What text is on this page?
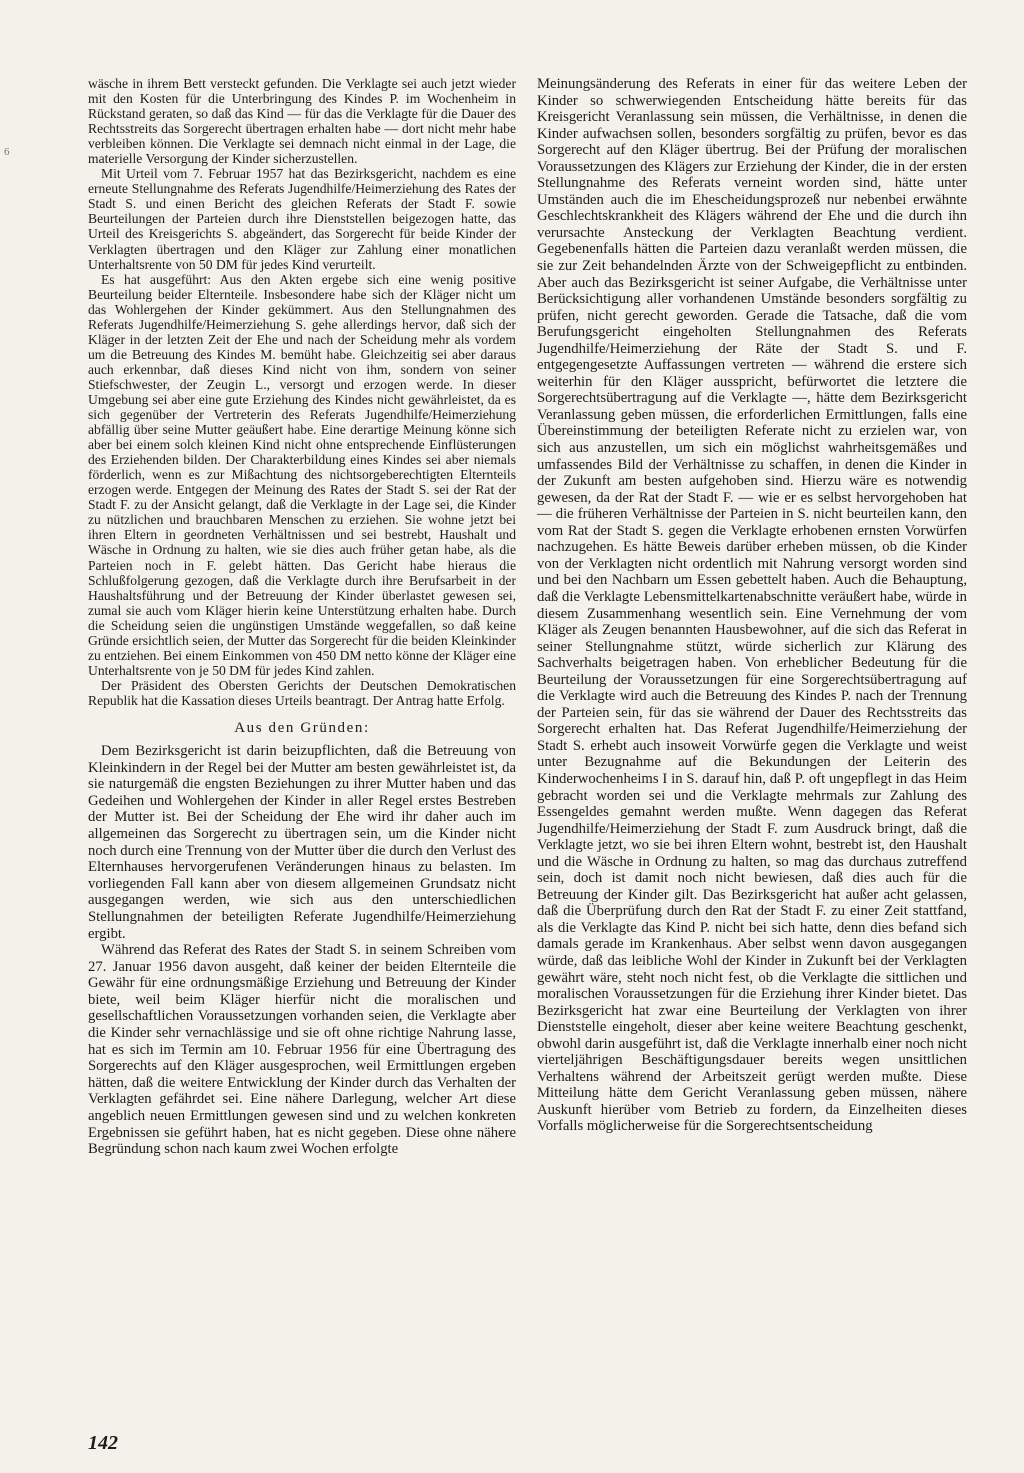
6

wäsche in ihrem Bett versteckt gefunden. Die Verklagte sei auch jetzt wieder mit den Kosten für die Unterbringung des Kindes P. im Wochenheim in Rückstand geraten, so daß das Kind — für das die Verklagte für die Dauer des Rechtsstreits das Sorgerecht übertragen erhalten habe — dort nicht mehr habe verbleiben können. Die Verklagte sei demnach nicht einmal in der Lage, die materielle Versorgung der Kinder sicherzustellen.

Mit Urteil vom 7. Februar 1957 hat das Bezirksgericht, nachdem es eine erneute Stellungnahme des Referats Jugendhilfe/Heimerziehung des Rates der Stadt S. und einen Bericht des gleichen Referats der Stadt F. sowie Beurteilungen der Parteien durch ihre Dienststellen beigezogen hatte, das Urteil des Kreisgerichts S. abgeändert, das Sorgerecht für beide Kinder der Verklagten übertragen und den Kläger zur Zahlung einer monatlichen Unterhaltsrente von 50 DM für jedes Kind verurteilt.

Es hat ausgeführt: Aus den Akten ergebe sich eine wenig positive Beurteilung beider Elternteile. Insbesondere habe sich der Kläger nicht um das Wohlergehen der Kinder gekümmert. Aus den Stellungnahmen des Referats Jugendhilfe/Heimerziehung S. gehe allerdings hervor, daß sich der Kläger in der letzten Zeit der Ehe und nach der Scheidung mehr als vordem um die Betreuung des Kindes M. bemüht habe. Gleichzeitig sei aber daraus auch erkennbar, daß dieses Kind nicht von ihm, sondern von seiner Stiefschwester, der Zeugin L., versorgt und erzogen werde. In dieser Umgebung sei aber eine gute Erziehung des Kindes nicht gewährleistet, da es sich gegenüber der Vertreterin des Referats Jugendhilfe/Heimerziehung abfällig über seine Mutter geäußert habe. Eine derartige Meinung könne sich aber bei einem solch kleinen Kind nicht ohne entsprechende Einflüsterungen des Erziehenden bilden. Der Charakterbildung eines Kindes sei aber niemals förderlich, wenn es zur Mißachtung des nichtsorgeberechtigten Elternteils erzogen werde. Entgegen der Meinung des Rates der Stadt S. sei der Rat der Stadt F. zu der Ansicht gelangt, daß die Verklagte in der Lage sei, die Kinder zu nützlichen und brauchbaren Menschen zu erziehen. Sie wohne jetzt bei ihren Eltern in geordneten Verhältnissen und sei bestrebt, Haushalt und Wäsche in Ordnung zu halten, wie sie dies auch früher getan habe, als die Parteien noch in F. gelebt hätten. Das Gericht habe hieraus die Schlußfolgerung gezogen, daß die Verklagte durch ihre Berufsarbeit in der Haushaltsführung und der Betreuung der Kinder überlastet gewesen sei, zumal sie auch vom Kläger hierin keine Unterstützung erhalten habe. Durch die Scheidung seien die ungünstigen Umstände weggefallen, so daß keine Gründe ersichtlich seien, der Mutter das Sorgerecht für die beiden Kleinkinder zu entziehen. Bei einem Einkommen von 450 DM netto könne der Kläger eine Unterhaltsrente von je 50 DM für jedes Kind zahlen.

Der Präsident des Obersten Gerichts der Deutschen Demokratischen Republik hat die Kassation dieses Urteils beantragt. Der Antrag hatte Erfolg.

Aus den Gründen:

Dem Bezirksgericht ist darin beizupflichten, daß die Betreuung von Kleinkindern in der Regel bei der Mutter am besten gewährleistet ist, da sie naturgemäß die engsten Beziehungen zu ihrer Mutter haben und das Gedeihen und Wohlergehen der Kinder in aller Regel erstes Bestreben der Mutter ist. Bei der Scheidung der Ehe wird ihr daher auch im allgemeinen das Sorgerecht zu übertragen sein, um die Kinder nicht noch durch eine Trennung von der Mutter über die durch den Verlust des Elternhauses hervorgerufenen Veränderungen hinaus zu belasten. Im vorliegenden Fall kann aber von diesem allgemeinen Grundsatz nicht ausgegangen werden, wie sich aus den unterschiedlichen Stellungnahmen der beteiligten Referate Jugendhilfe/Heimerziehung ergibt.

Während das Referat des Rates der Stadt S. in seinem Schreiben vom 27. Januar 1956 davon ausgeht, daß keiner der beiden Elternteile die Gewähr für eine ordnungsmäßige Erziehung und Betreuung der Kinder biete, weil beim Kläger hierfür nicht die moralischen und gesellschaftlichen Voraussetzungen vorhanden seien, die Verklagte aber die Kinder sehr vernachlässige und sie oft ohne richtige Nahrung lasse, hat es sich im Termin am 10. Februar 1956 für eine Übertragung des Sorgerechts auf den Kläger ausgesprochen, weil Ermittlungen ergeben hätten, daß die weitere Entwicklung der Kinder durch das Verhalten der Verklagten gefährdet sei. Eine nähere Darlegung, welcher Art diese angeblich neuen Ermittlungen gewesen sind und zu welchen konkreten Ergebnissen sie geführt haben, hat es nicht gegeben. Diese ohne nähere Begründung schon nach kaum zwei Wochen erfolgte

Meinungsänderung des Referats in einer für das weitere Leben der Kinder so schwerwiegenden Entscheidung hätte bereits für das Kreisgericht Veranlassung sein müssen, die Verhältnisse, in denen die Kinder aufwachsen sollen, besonders sorgfältig zu prüfen, bevor es das Sorgerecht auf den Kläger übertrug. Bei der Prüfung der moralischen Voraussetzungen des Klägers zur Erziehung der Kinder, die in der ersten Stellungnahme des Referats verneint worden sind, hätte unter Umständen auch die im Ehescheidungsprozeß nur nebenbei erwähnte Geschlechtskrankheit des Klägers während der Ehe und die durch ihn verursachte Ansteckung der Verklagten Beachtung verdient. Gegebenenfalls hätten die Parteien dazu veranlaßt werden müssen, die sie zur Zeit behandelnden Ärzte von der Schweigepflicht zu entbinden. Aber auch das Bezirksgericht ist seiner Aufgabe, die Verhältnisse unter Berücksichtigung aller vorhandenen Umstände besonders sorgfältig zu prüfen, nicht gerecht geworden. Gerade die Tatsache, daß die vom Berufungsgericht eingeholten Stellungnahmen des Referats Jugendhilfe/Heimerziehung der Räte der Stadt S. und F. entgegengesetzte Auffassungen vertreten — während die erstere sich weiterhin für den Kläger ausspricht, befürwortet die letztere die Sorgerechtsübertragung auf die Verklagte —, hätte dem Bezirksgericht Veranlassung geben müssen, die erforderlichen Ermittlungen, falls eine Übereinstimmung der beteiligten Referate nicht zu erzielen war, von sich aus anzustellen, um sich ein möglichst wahrheitsgemäßes und umfassendes Bild der Verhältnisse zu schaffen, in denen die Kinder in der Zukunft am besten aufgehoben sind. Hierzu wäre es notwendig gewesen, da der Rat der Stadt F. — wie er es selbst hervorgehoben hat — die früheren Verhältnisse der Parteien in S. nicht beurteilen kann, den vom Rat der Stadt S. gegen die Verklagte erhobenen ernsten Vorwürfen nachzugehen. Es hätte Beweis darüber erheben müssen, ob die Kinder von der Verklagten nicht ordentlich mit Nahrung versorgt worden sind und bei den Nachbarn um Essen gebettelt haben. Auch die Behauptung, daß die Verklagte Lebensmittelkartenabschnitte veräußert habe, würde in diesem Zusammenhang wesentlich sein. Eine Vernehmung der vom Kläger als Zeugen benannten Hausbewohner, auf die sich das Referat in seiner Stellungnahme stützt, würde sicherlich zur Klärung des Sachverhalts beigetragen haben. Von erheblicher Bedeutung für die Beurteilung der Voraussetzungen für eine Sorgerechtsübertragung auf die Verklagte wird auch die Betreuung des Kindes P. nach der Trennung der Parteien sein, für das sie während der Dauer des Rechtsstreits das Sorgerecht erhalten hat. Das Referat Jugendhilfe/Heimerziehung der Stadt S. erhebt auch insoweit Vorwürfe gegen die Verklagte und weist unter Bezugnahme auf die Bekundungen der Leiterin des Kinderwochenheims I in S. darauf hin, daß P. oft ungepflegt in das Heim gebracht worden sei und die Verklagte mehrmals zur Zahlung des Essengeldes gemahnt werden mußte. Wenn dagegen das Referat Jugendhilfe/Heimerziehung der Stadt F. zum Ausdruck bringt, daß die Verklagte jetzt, wo sie bei ihren Eltern wohnt, bestrebt ist, den Haushalt und die Wäsche in Ordnung zu halten, so mag das durchaus zutreffend sein, doch ist damit noch nicht bewiesen, daß dies auch für die Betreuung der Kinder gilt. Das Bezirksgericht hat außer acht gelassen, daß die Überprüfung durch den Rat der Stadt F. zu einer Zeit stattfand, als die Verklagte das Kind P. nicht bei sich hatte, denn dies befand sich damals gerade im Krankenhaus. Aber selbst wenn davon ausgegangen würde, daß das leibliche Wohl der Kinder in Zukunft bei der Verklagten gewährt wäre, steht noch nicht fest, ob die Verklagte die sittlichen und moralischen Voraussetzungen für die Erziehung ihrer Kinder bietet. Das Bezirksgericht hat zwar eine Beurteilung der Verklagten von ihrer Dienststelle eingeholt, dieser aber keine weitere Beachtung geschenkt, obwohl darin ausgeführt ist, daß die Verklagte innerhalb einer noch nicht vierteljährigen Beschäftigungsdauer bereits wegen unsittlichen Verhaltens während der Arbeitszeit gerügt werden mußte. Diese Mitteilung hätte dem Gericht Veranlassung geben müssen, nähere Auskunft hierüber vom Betrieb zu fordern, da Einzelheiten dieses Vorfalls möglicherweise für die Sorgerechtsentscheidung

142
